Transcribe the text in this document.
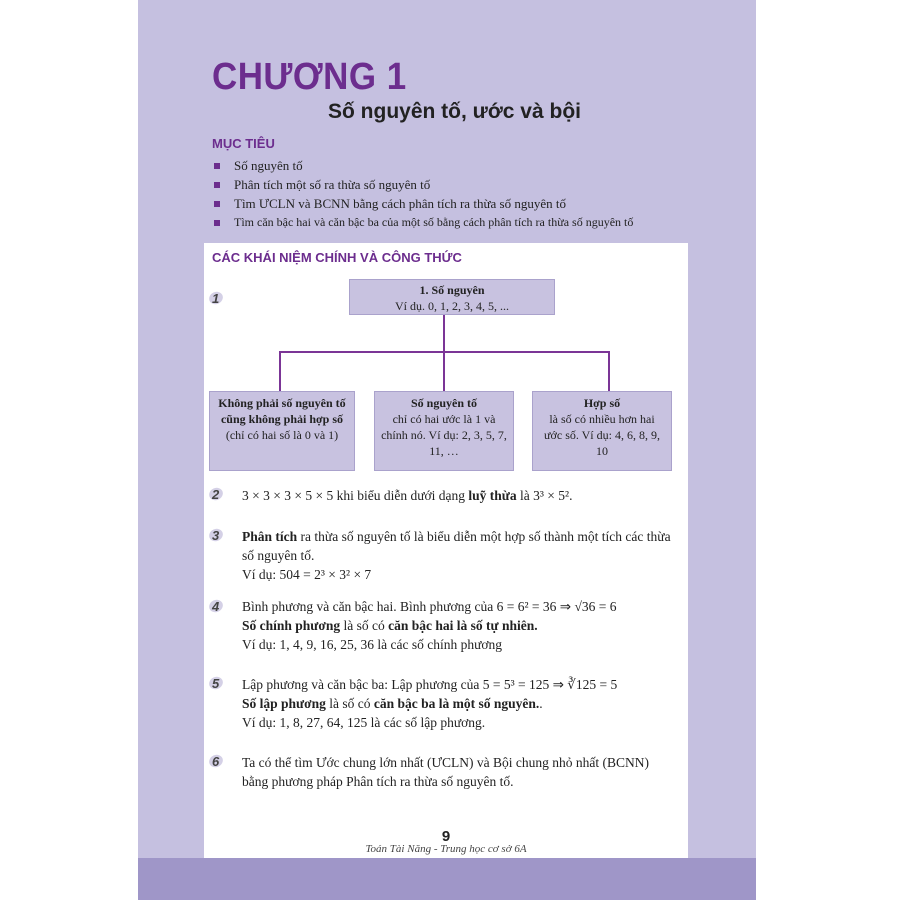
CHƯƠNG 1
Số nguyên tố, ước và bội
MỤC TIÊU
Số nguyên tố
Phân tích một số ra thừa số nguyên tố
Tìm ƯCLN và BCNN bằng cách phân tích ra thừa số nguyên tố
Tìm căn bậc hai và căn bậc ba của một số bằng cách phân tích ra thừa số nguyên tố
CÁC KHÁI NIỆM CHÍNH VÀ CÔNG THỨC
1
2
3
4
5
6
1. Số nguyên
Ví dụ. 0, 1, 2, 3, 4, 5, ...
Không phải số nguyên tố cũng không phải hợp số
(chỉ có hai số là 0 và 1)
Số nguyên tố
chỉ có hai ước là 1 và chính nó. Ví dụ: 2, 3, 5, 7, 11, …
Hợp số
là số có nhiều hơn hai ước số. Ví dụ: 4, 6, 8, 9, 10
3 × 3 × 3 × 5 × 5 khi biểu diễn dưới dạng luỹ thừa là 3³ × 5².
Phân tích ra thừa số nguyên tố là biểu diễn một hợp số thành một tích các thừa số nguyên tố.
Ví dụ: 504 = 2³ × 3² × 7
Bình phương và căn bậc hai. Bình phương của 6 = 6² = 36 ⇒ √36 = 6
Số chính phương là số có căn bậc hai là số tự nhiên.
Ví dụ: 1, 4, 9, 16, 25, 36 là các số chính phương
Lập phương và căn bậc ba: Lập phương của 5 = 5³ = 125 ⇒ ∛125 = 5
Số lập phương là số có căn bậc ba là một số nguyên..
Ví dụ: 1, 8, 27, 64, 125 là các số lập phương.
Ta có thể tìm Ước chung lớn nhất (ƯCLN) và Bội chung nhỏ nhất (BCNN) bằng phương pháp Phân tích ra thừa số nguyên tố.
9
Toán Tài Năng - Trung học cơ sở 6A
